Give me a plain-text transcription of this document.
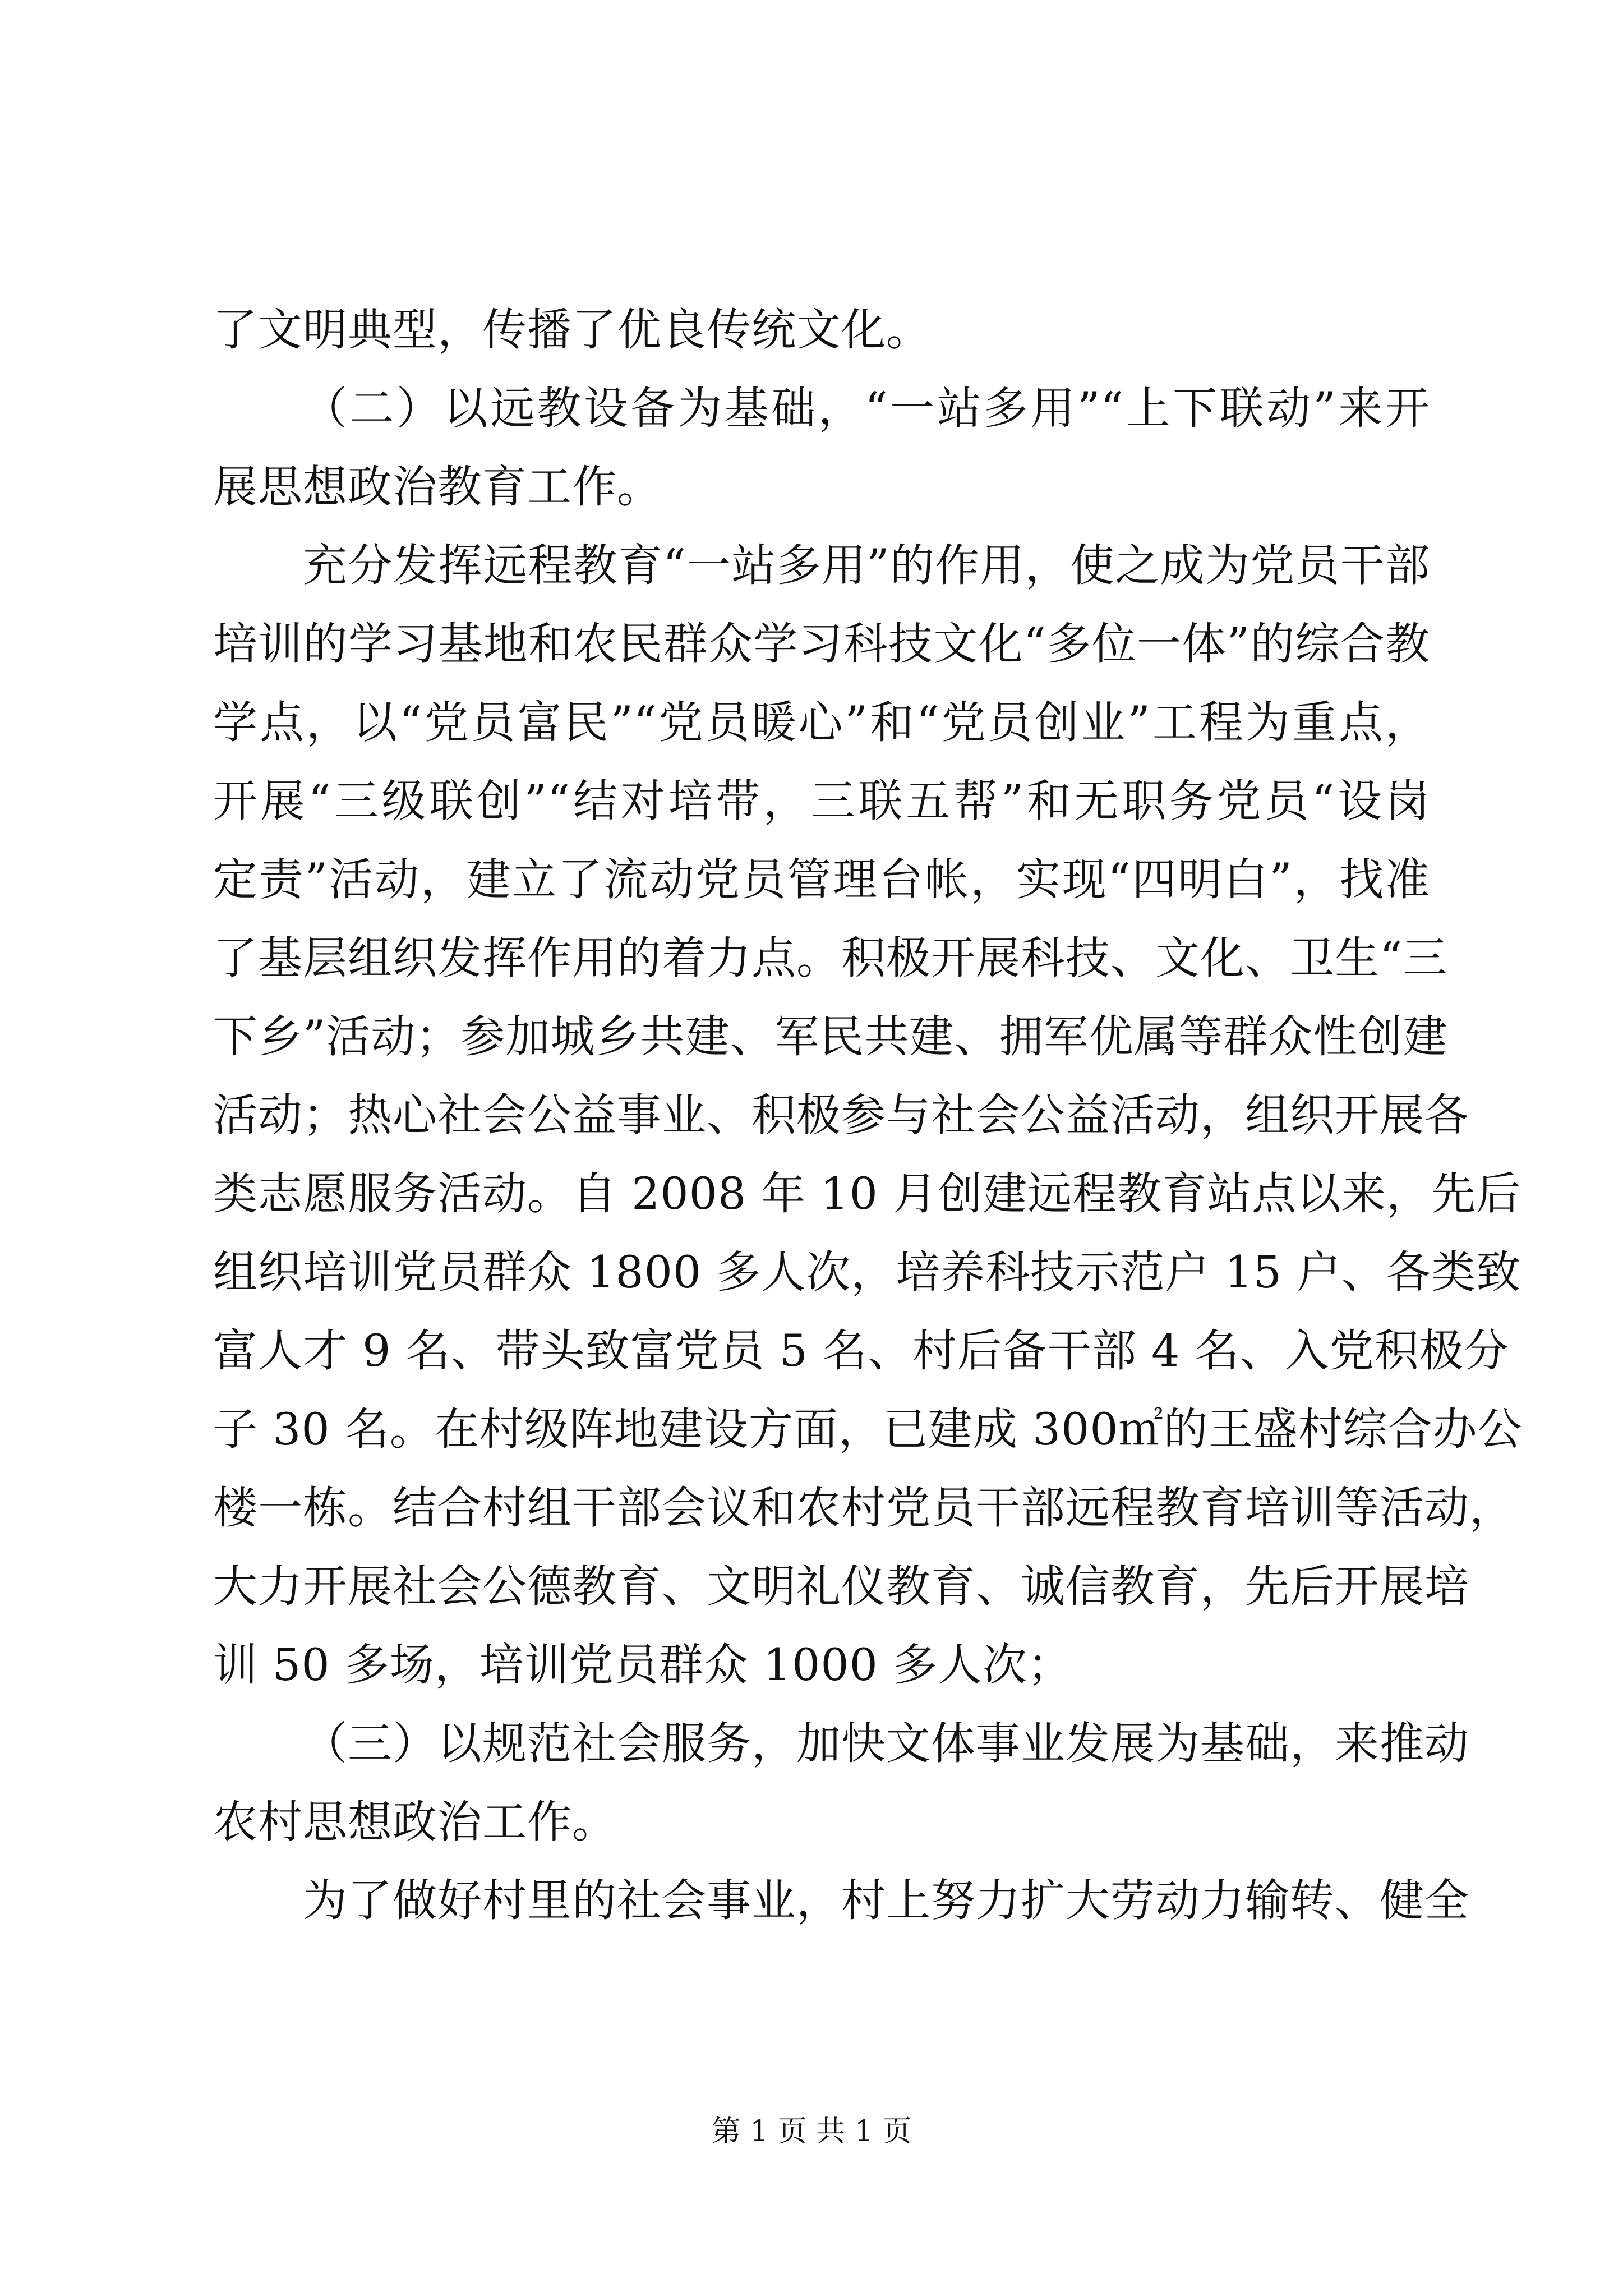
了文明典型，传播了优良传统文化。
（二）以远教设备为基础，“一站多用”“上下联动”来开
展思想政治教育工作。
充分发挥远程教育“一站多用”的作用，使之成为党员干部
培训的学习基地和农民群众学习科技文化“多位一体”的综合教
学点，以“党员富民”“党员暖心”和“党员创业”工程为重点，
开展“三级联创”“结对培带，三联五帮”和无职务党员“设岗
定责”活动，建立了流动党员管理台帐，实现“四明白”，找准
了基层组织发挥作用的着力点。积极开展科技、文化、卫生“三
下乡”活动；参加城乡共建、军民共建、拥军优属等群众性创建
活动；热心社会公益事业、积极参与社会公益活动，组织开展各
类志愿服务活动。自 2008 年 10 月创建远程教育站点以来，先后
组织培训党员群众 1800 多人次，培养科技示范户 15 户、各类致
富人才 9 名、带头致富党员 5 名、村后备干部 4 名、入党积极分
子 30 名。在村级阵地建设方面，已建成 300㎡的王盛村综合办公
楼一栋。结合村组干部会议和农村党员干部远程教育培训等活动，
大力开展社会公德教育、文明礼仪教育、诚信教育，先后开展培
训 50 多场，培训党员群众 1000 多人次；
（三）以规范社会服务，加快文体事业发展为基础，来推动
农村思想政治工作。
为了做好村里的社会事业，村上努力扩大劳动力输转、健全
第 1 页 共 1 页
